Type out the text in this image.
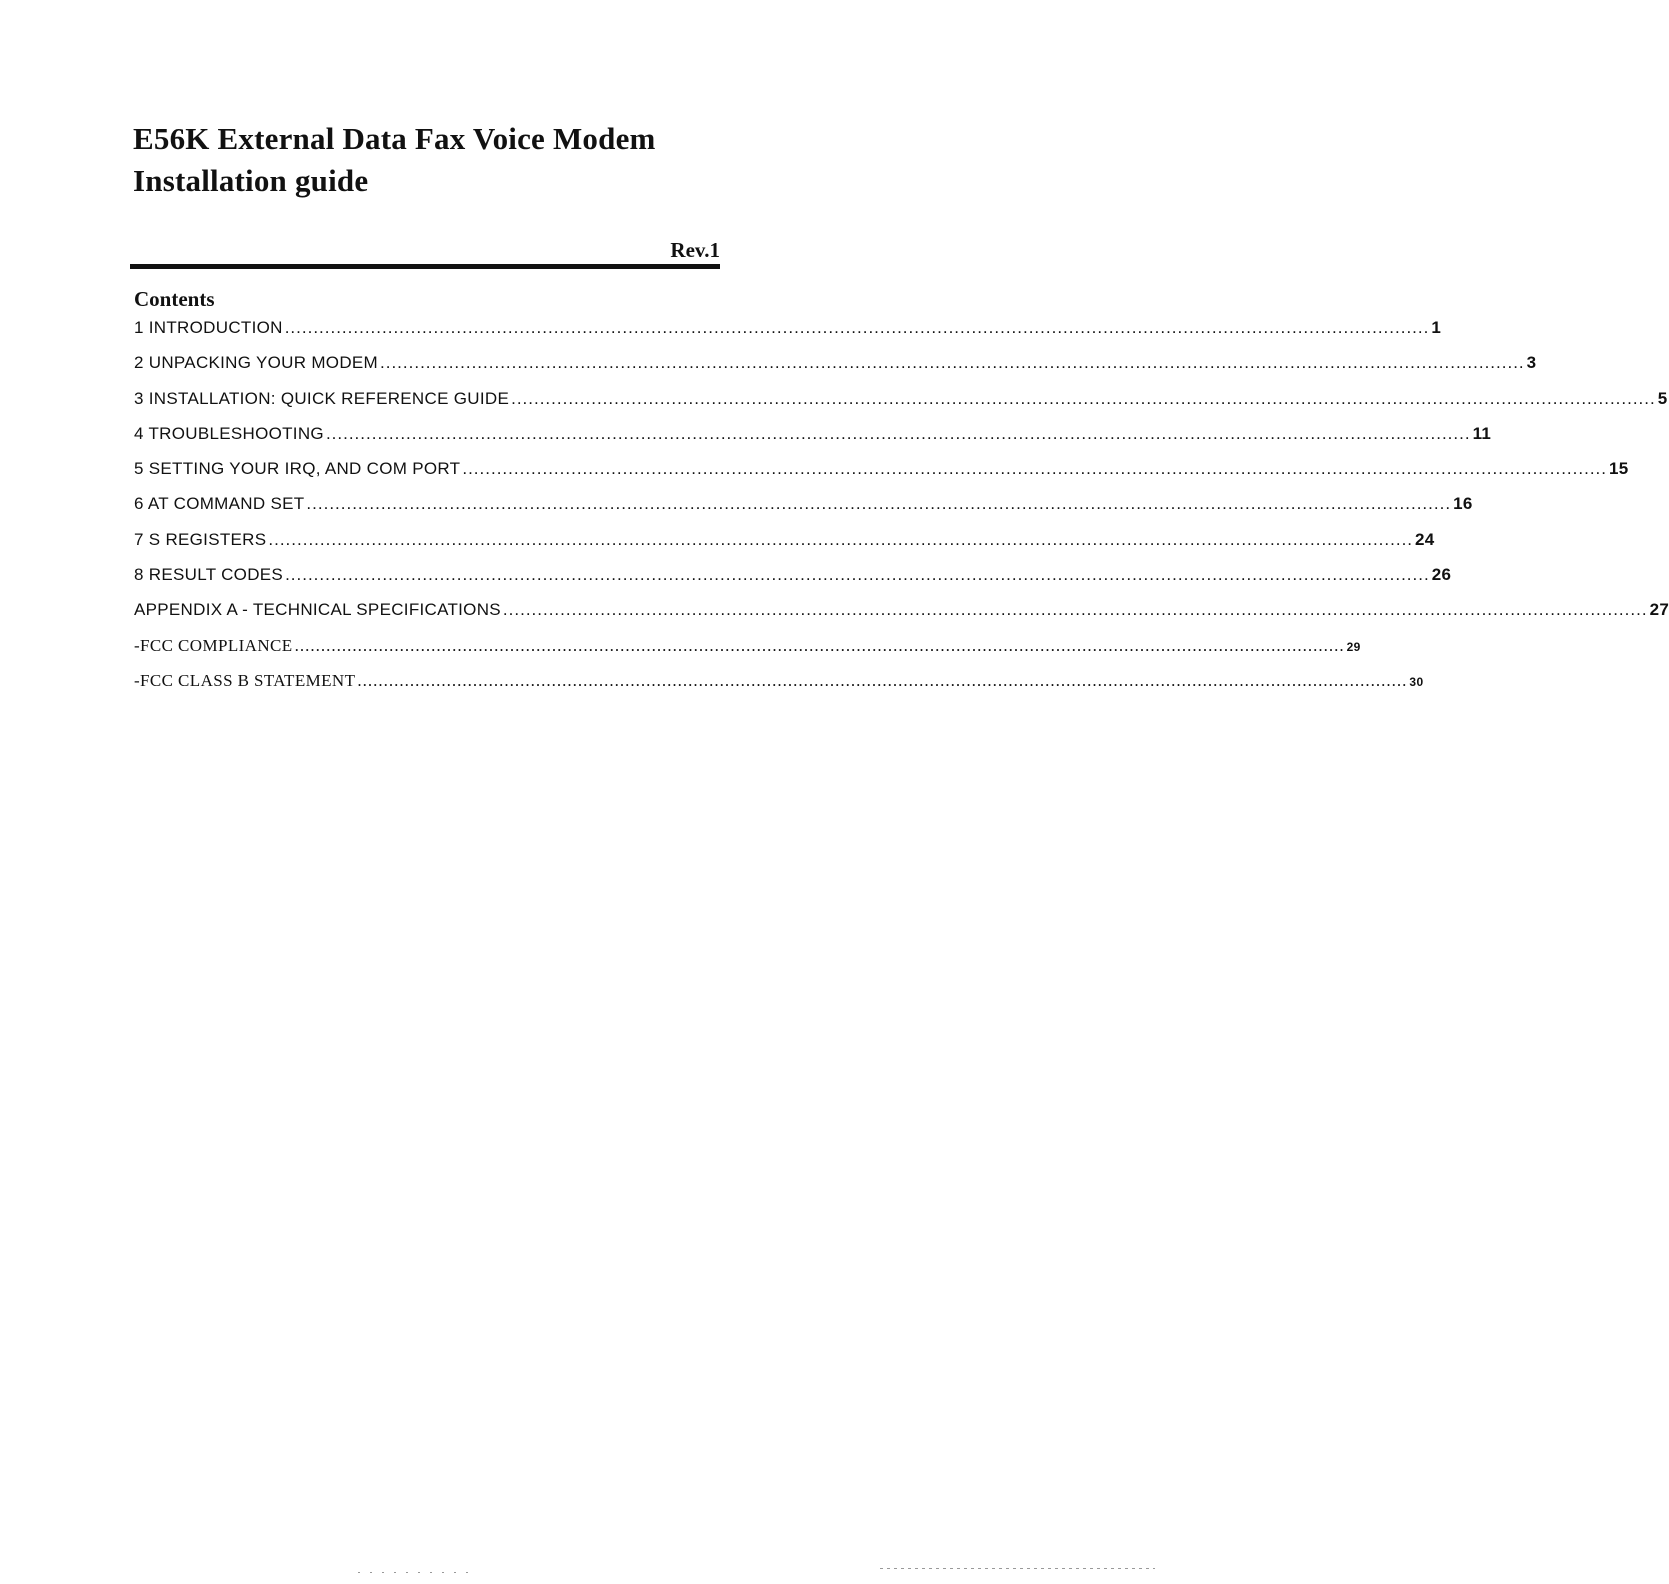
E56K External Data Fax Voice Modem
Installation guide
Rev.1
Contents
1 INTRODUCTION ........................................................................................................................................................................................................ 1
2 UNPACKING YOUR MODEM ........................................................................................................................................................................................................ 3
3 INSTALLATION: QUICK REFERENCE GUIDE ........................................................................................................................................................................................................ 5
4 TROUBLESHOOTING ........................................................................................................................................................................................................ 11
5 SETTING YOUR IRQ, AND COM PORT ........................................................................................................................................................................................................ 15
6 AT COMMAND SET ........................................................................................................................................................................................................ 16
7 S REGISTERS ........................................................................................................................................................................................................ 24
8 RESULT CODES ........................................................................................................................................................................................................ 26
APPENDIX A - TECHNICAL SPECIFICATIONS ........................................................................................................................................................................................................ 27
-FCC COMPLIANCE ........................................................................................................................................................................................................ 29
-FCC CLASS B STATEMENT ........................................................................................................................................................................................................ 30
